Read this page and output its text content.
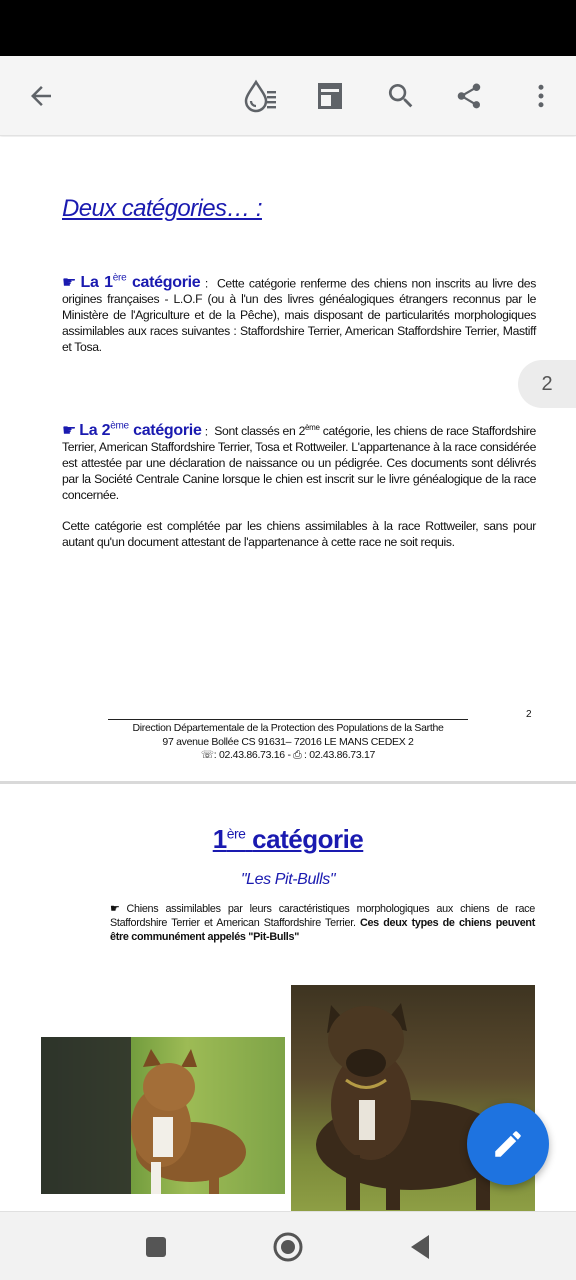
Deux catégories… :
☛ La 1ère catégorie : Cette catégorie renferme des chiens non inscrits au livre des origines françaises - L.O.F (ou à l'un des livres généalogiques étrangers reconnus par le Ministère de l'Agriculture et de la Pêche), mais disposant de particularités morphologiques assimilables aux races suivantes : Staffordshire Terrier, American Staffordshire Terrier, Mastiff et Tosa.
☛ La 2ème catégorie : Sont classés en 2ème catégorie, les chiens de race Staffordshire Terrier, American Staffordshire Terrier, Tosa et Rottweiler. L'appartenance à la race considérée est attestée par une déclaration de naissance ou un pédigrée. Ces documents sont délivrés par la Société Centrale Canine lorsque le chien est inscrit sur le livre généalogique de la race concernée.
Cette catégorie est complétée par les chiens assimilables à la race Rottweiler, sans pour autant qu'un document attestant de l'appartenance à cette race ne soit requis.
2
Direction Départementale de la Protection des Populations de la Sarthe
97 avenue Bollée CS 91631– 72016 LE MANS CEDEX 2
☏: 02.43.86.73.16 - ⎙ : 02.43.86.73.17
1ère catégorie
"Les Pit-Bulls"
☛ Chiens assimilables par leurs caractéristiques morphologiques aux chiens de race Staffordshire Terrier et American Staffordshire Terrier. Ces deux types de chiens peuvent être communément appelés "Pit-Bulls"
2
